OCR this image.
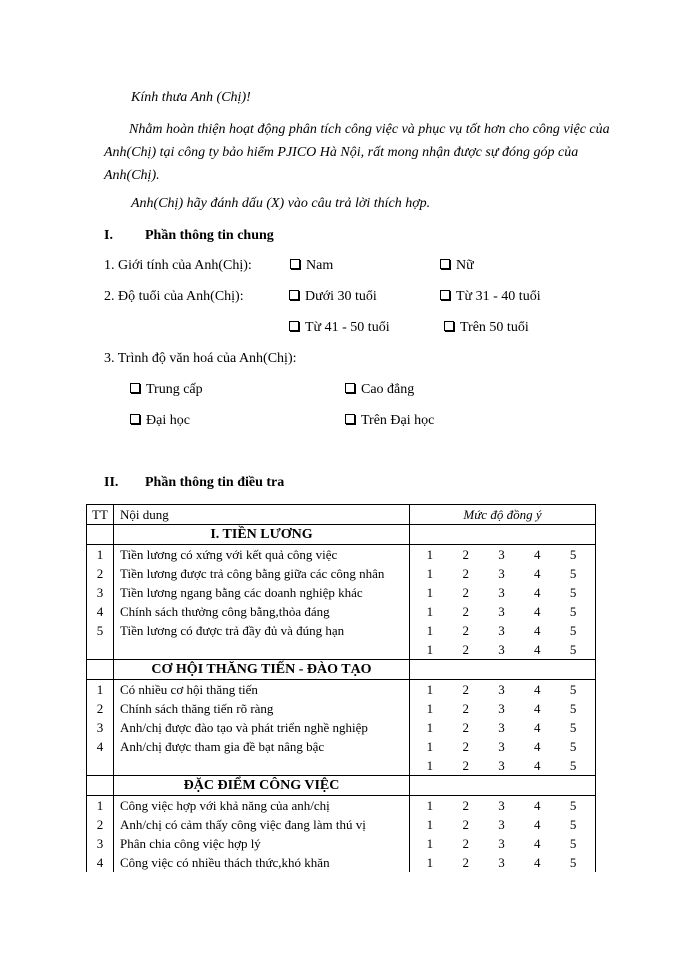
Kính thưa Anh (Chị)!
Nhằm hoàn thiện hoạt động phân tích công việc và phục vụ tốt hơn cho công việc của Anh(Chị) tại công ty bảo hiểm PJICO Hà Nội, rất mong nhận được sự đóng góp của Anh(Chị).
Anh(Chị) hãy đánh dấu (X) vào câu trả lời thích hợp.
I. Phần thông tin chung
1. Giới tính của Anh(Chị):	Nam	Nữ
2. Độ tuổi của Anh(Chị):	Dưới 30 tuổi	Từ 31 - 40 tuổi
Từ 41 - 50 tuổi	Trên 50 tuổi
3. Trình độ văn hoá của Anh(Chị):
Trung cấp	Cao đẳng
Đại học	Trên Đại học
II. Phần thông tin điều tra
TT	Nội dung	Mức độ đồng ý
	I. TIỀN LƯƠNG	
1	Tiền lương có xứng với kết quả công việc	1 2 3 4 5

2	Tiền lương được trả công bằng giữa các công nhân	1 2 3 4 5

3	Tiền lương ngang bằng các doanh nghiệp khác	1 2 3 4 5

4	Chính sách thưởng công bằng,thỏa đáng	1 2 3 4 5

5	Tiền lương có được trả đầy đủ và đúng hạn	1 2 3 4 5

		1 2 3 4 5

	CƠ HỘI THĂNG TIẾN - ĐÀO TẠO	
1	Có nhiều cơ hội thăng tiến	1 2 3 4 5

2	Chính sách thăng tiến rõ ràng	1 2 3 4 5

3	Anh/chị được đào tạo và phát triển nghề nghiệp	1 2 3 4 5

4	Anh/chị được tham gia đề bạt nâng bậc	1 2 3 4 5

		1 2 3 4 5

	ĐẶC ĐIỂM CÔNG VIỆC	
1	Công việc hợp với khả năng của anh/chị	1 2 3 4 5

2	Anh/chị có cảm thấy công việc đang làm thú vị	1 2 3 4 5

3	Phân chia công việc hợp lý	1 2 3 4 5

4	Công việc có nhiều thách thức,khó khăn	1 2 3 4 5
